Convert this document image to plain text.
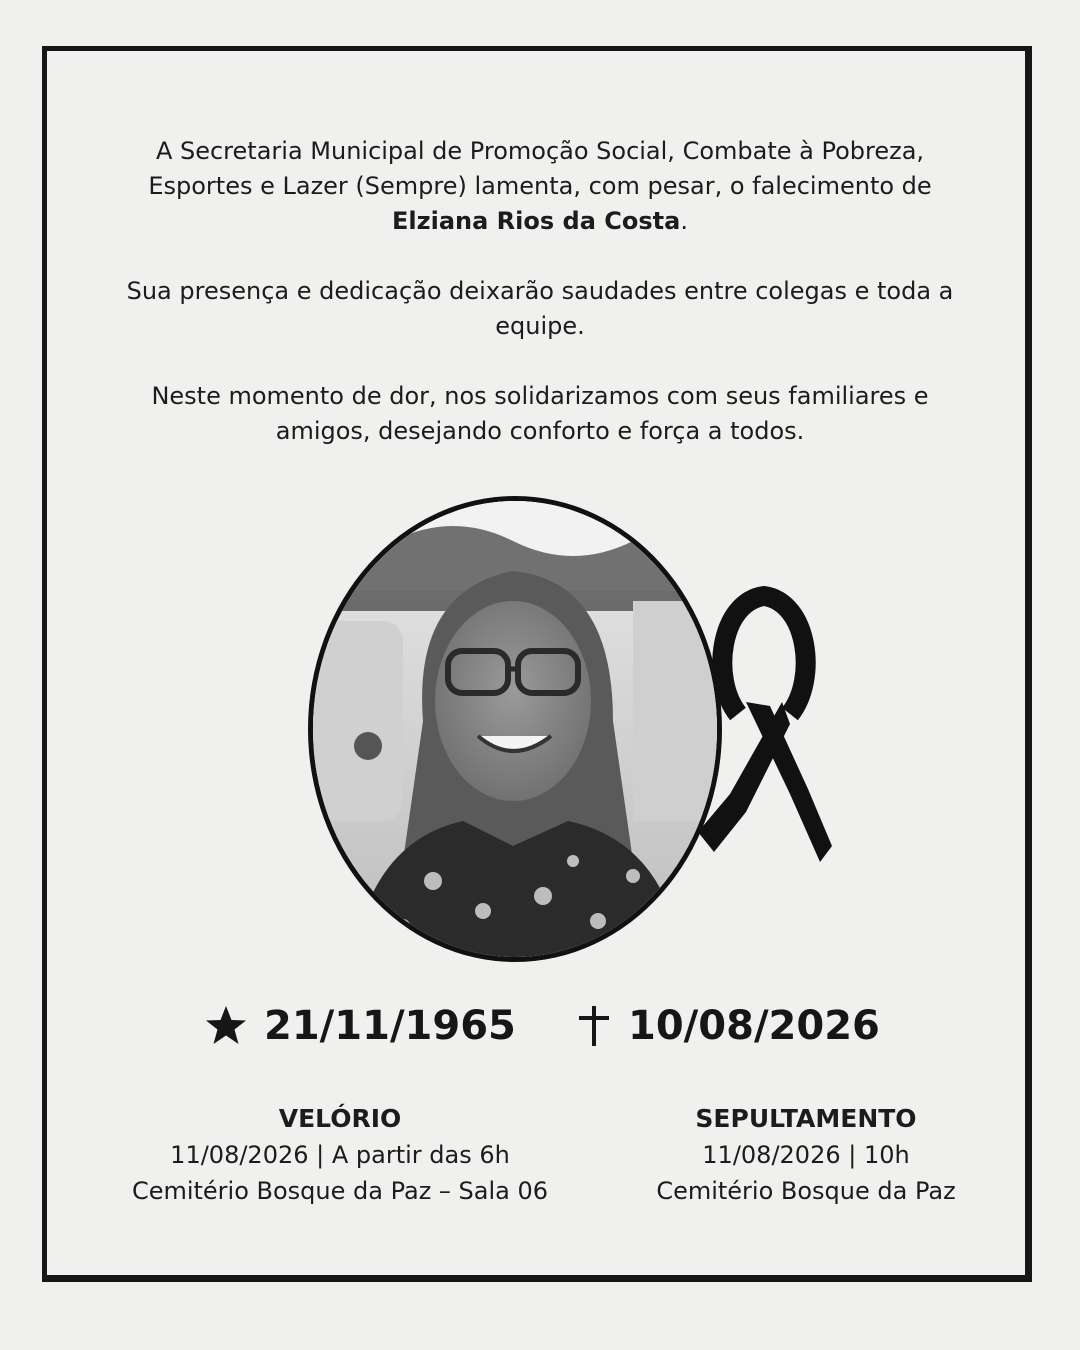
A Secretaria Municipal de Promoção Social, Combate à Pobreza, Esportes e Lazer (Sempre) lamenta, com pesar, o falecimento de Elziana Rios da Costa.

Sua presença e dedicação deixarão saudades entre colegas e toda a equipe.

Neste momento de dor, nos solidarizamos com seus familiares e amigos, desejando conforto e força a todos.

21/11/1965	10/08/2026
VELÓRIO
11/08/2026 | A partir das 6h
Cemitério Bosque da Paz – Sala 06
SEPULTAMENTO
11/08/2026 | 10h
Cemitério Bosque da Paz
